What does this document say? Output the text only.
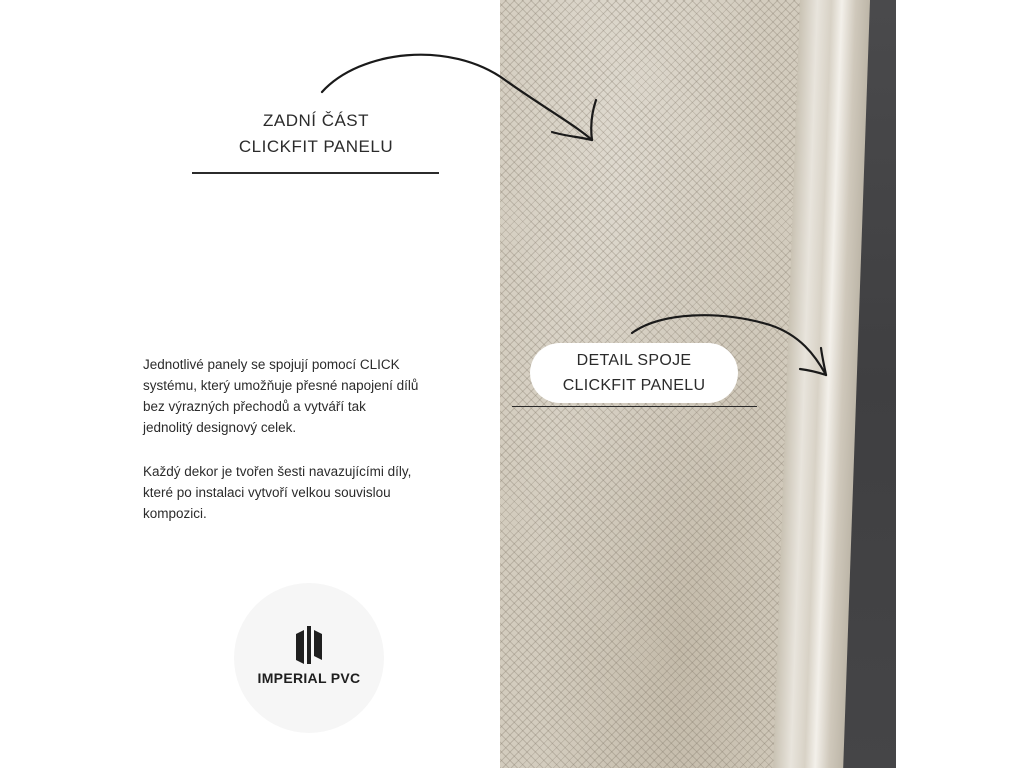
ZADNÍ ČÁST
CLICKFIT PANELU
Jednotlivé panely se spojují pomocí CLICK
systému, který umožňuje přesné napojení dílů
bez výrazných přechodů a vytváří tak
jednolitý designový celek.
Každý dekor je tvořen šesti navazujícími díly,
které po instalaci vytvoří velkou souvislou
kompozici.
DETAIL SPOJE
CLICKFIT PANELU
IMPERIAL PVC
